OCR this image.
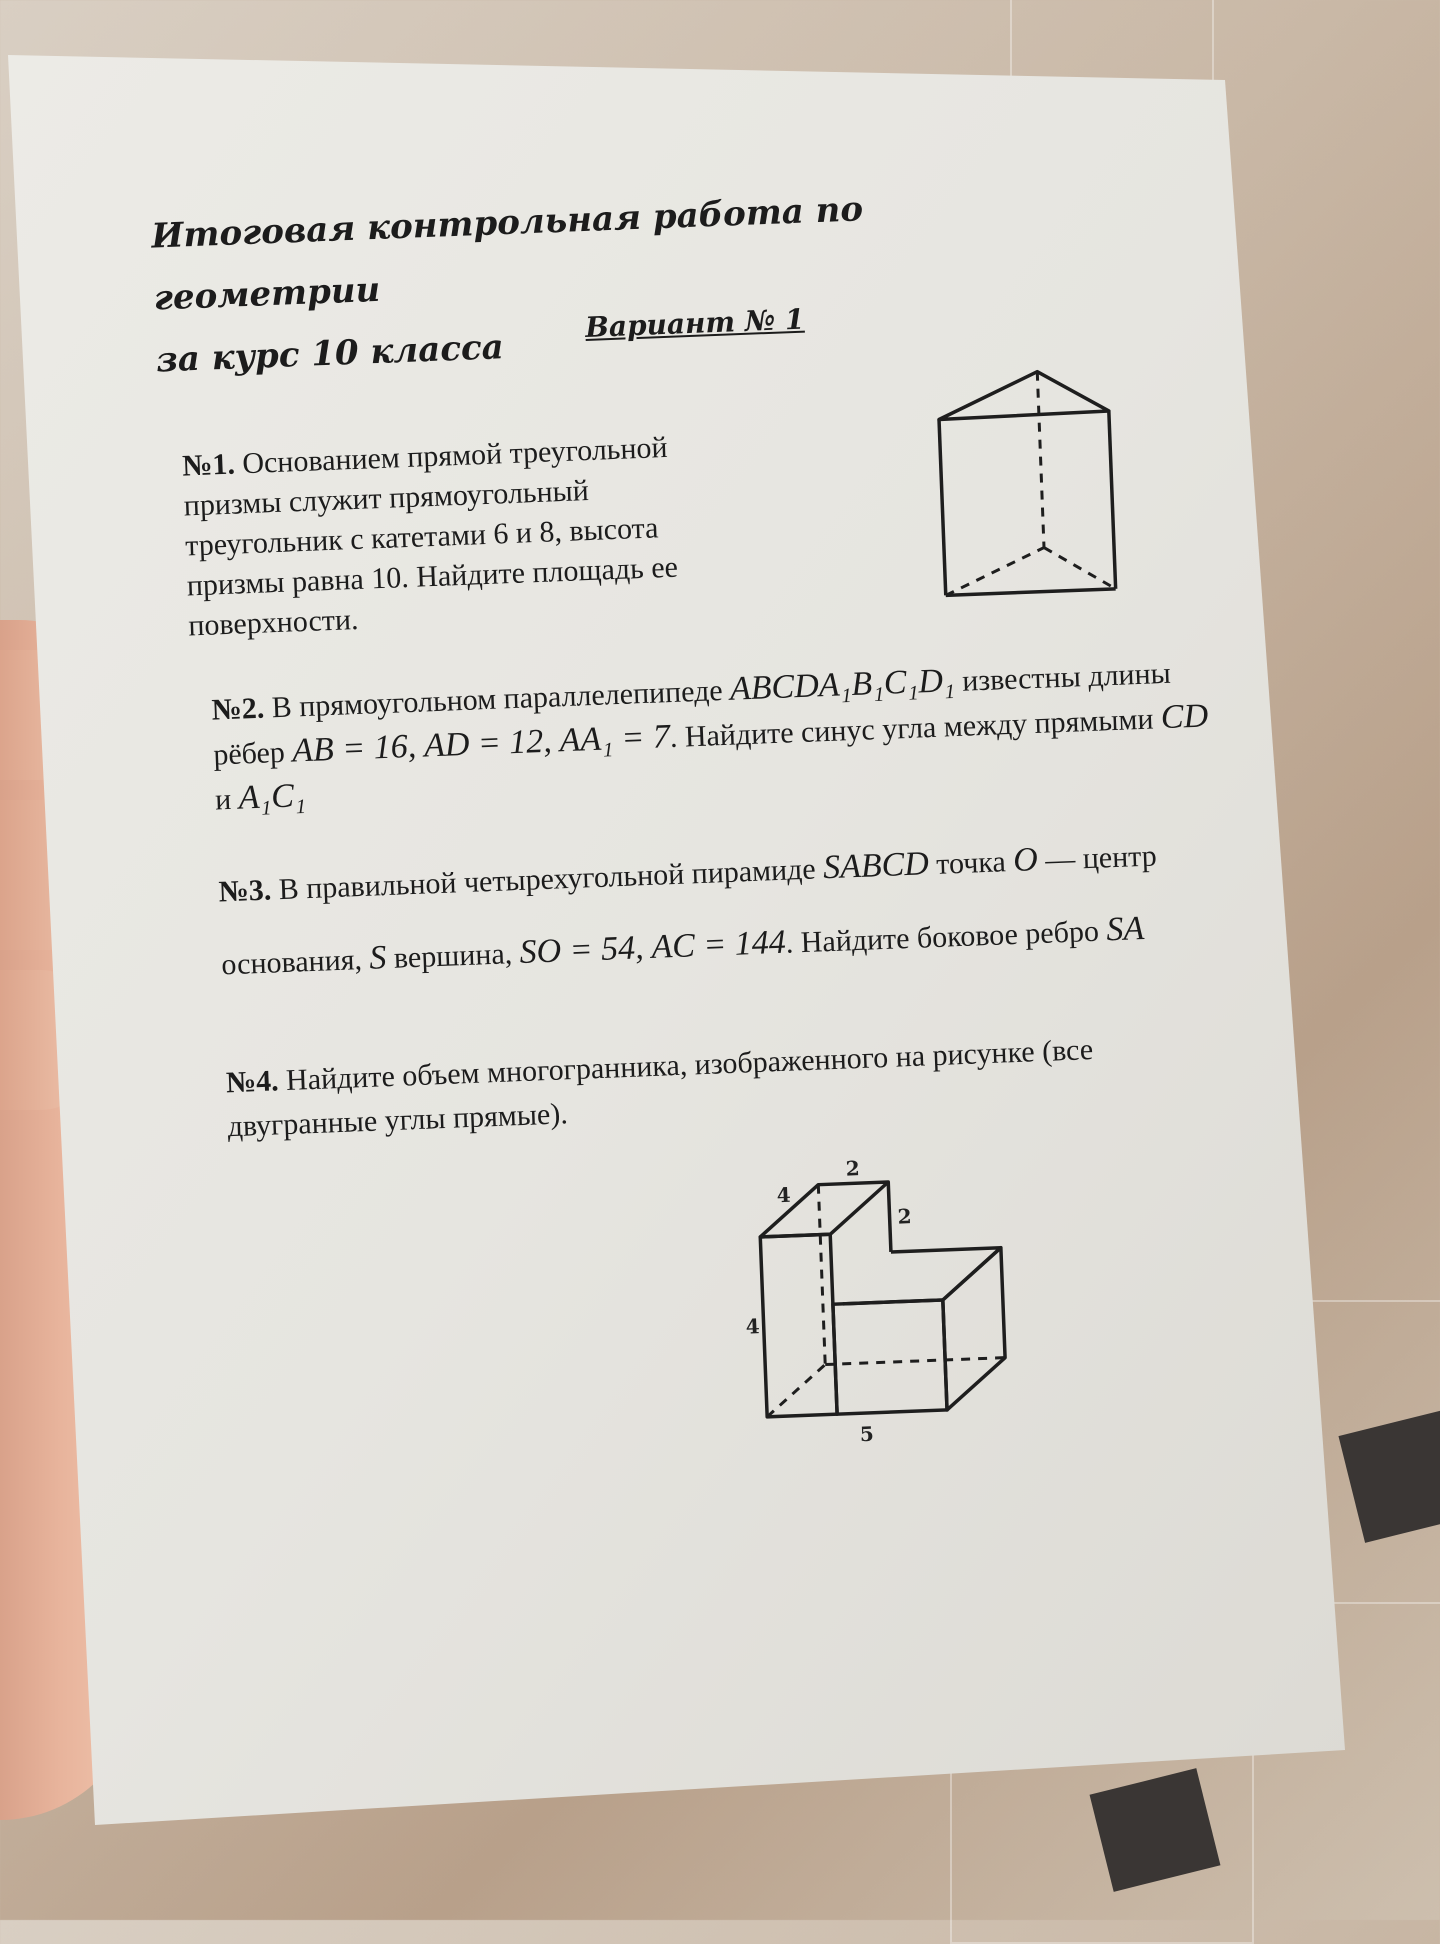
Итоговая контрольная работа по геометрии
за курс 10 класса
Вариант № 1
№1. Основанием прямой треугольной призмы служит прямоугольный треугольник с катетами 6 и 8, высота призмы равна 10. Найдите площадь ее поверхности.
№2. В прямоугольном параллелепипеде ABCDA₁B₁C₁D₁ известны длины рёбер AB = 16, AD = 12, AA₁ = 7. Найдите синус угла между прямыми CD и A₁C₁
№3. В правильной четырехугольной пирамиде SABCD точка O — центр основания, S вершина, SO = 54, AC = 144. Найдите боковое ребро SA
№4. Найдите объем многогранника, изображенного на рисунке (все двугранные углы прямые).
2
4
2
4
5
